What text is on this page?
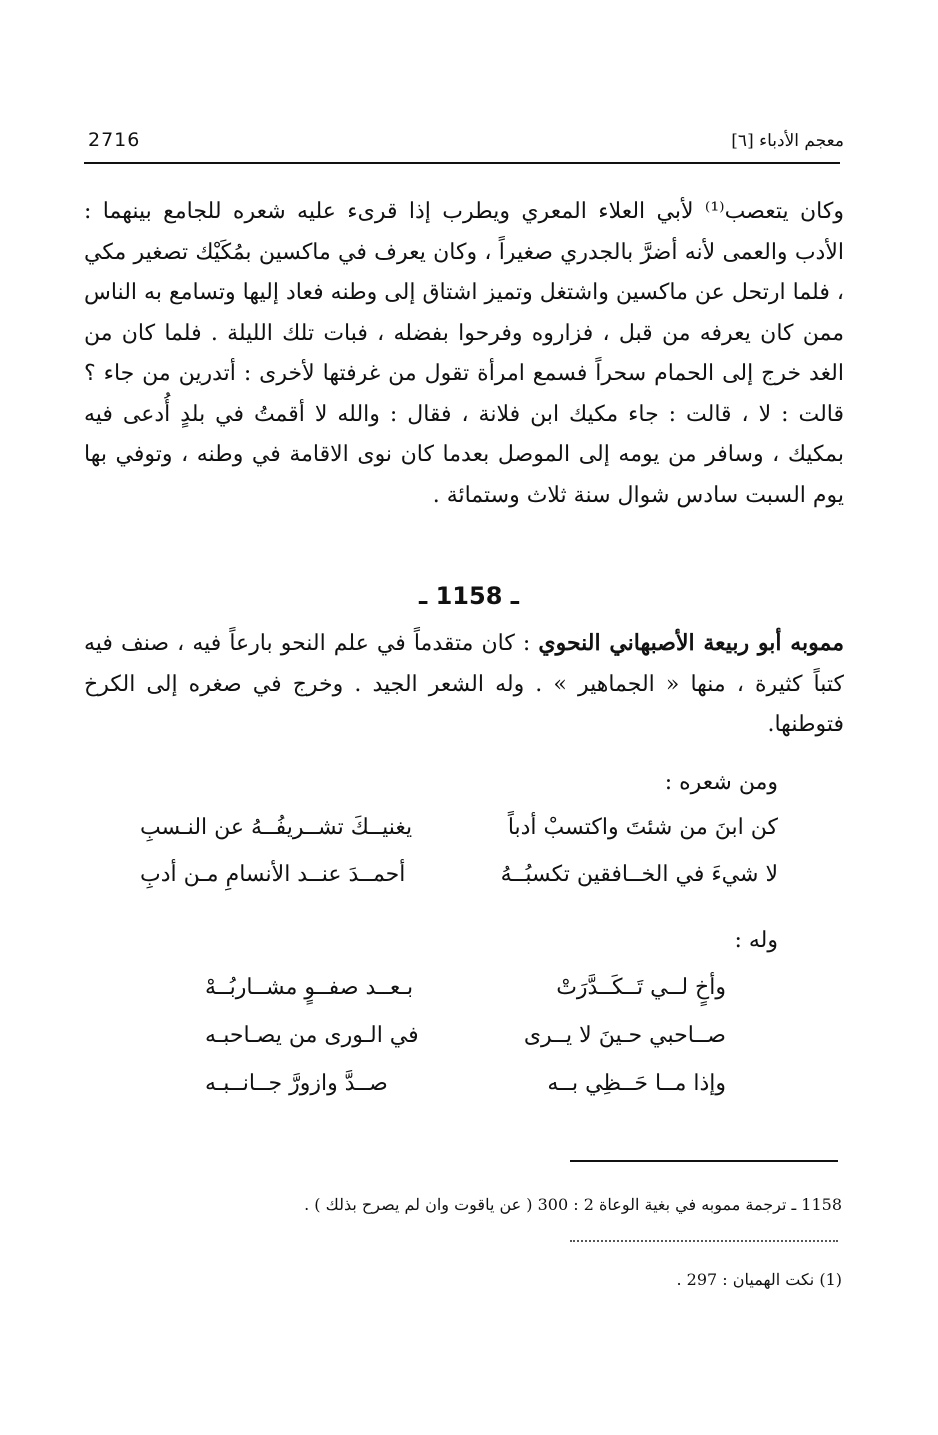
معجم الأدباء [٦]
2716
وكان يتعصب⁽¹⁾ لأبي العلاء المعري ويطرب إذا قرىء عليه شعره للجامع بينهما : الأدب والعمى لأنه أضرَّ بالجدري صغيراً ، وكان يعرف في ماكسين بمُكَيْك تصغير مكي ، فلما ارتحل عن ماكسين واشتغل وتميز اشتاق إلى وطنه فعاد إليها وتسامع به الناس ممن كان يعرفه من قبل ، فزاروه وفرحوا بفضله ، فبات تلك الليلة . فلما كان من الغد خرج إلى الحمام سحراً فسمع امرأة تقول من غرفتها لأخرى : أتدرين من جاء ؟ قالت : لا ، قالت : جاء مكيك ابن فلانة ، فقال : والله لا أقمتُ في بلدٍ أُدعى فيه بمكيك ، وسافر من يومه إلى الموصل بعدما كان نوى الاقامة في وطنه ، وتوفي بها يوم السبت سادس شوال سنة ثلاث وستمائة .
ـ 1158 ـ
مموبه أبو ربيعة الأصبهاني النحوي : كان متقدماً في علم النحو بارعاً فيه ، صنف فيه كتباً كثيرة ، منها « الجماهير » . وله الشعر الجيد . وخرج في صغره إلى الكرخ فتوطنها.
ومن شعره :
كن ابنَ من شئتَ واكتسبْ أدباً
يغنيــكَ تشــريفُــهُ عن النـسبِ
لا شيءَ في الخــافقين تكسبُــهُ
أحمــدَ عنــد الأنسامِ مـن أدبِ
وله :
وأخٍ لــي تَــكَــدَّرَتْ
بـعــد صفــوٍ مشــاربُــهْ
صــاحبي حـينَ لا يــرى
في الـورى من يصـاحبـه
وإذا مــا حَــظِي بــه
صــدَّ وازورَّ جــانــبـه
1158 ـ ترجمة مموبه في بغية الوعاة 2 : 300 ( عن ياقوت وان لم يصرح بذلك ) .
(1) نكت الهميان : 297 .
